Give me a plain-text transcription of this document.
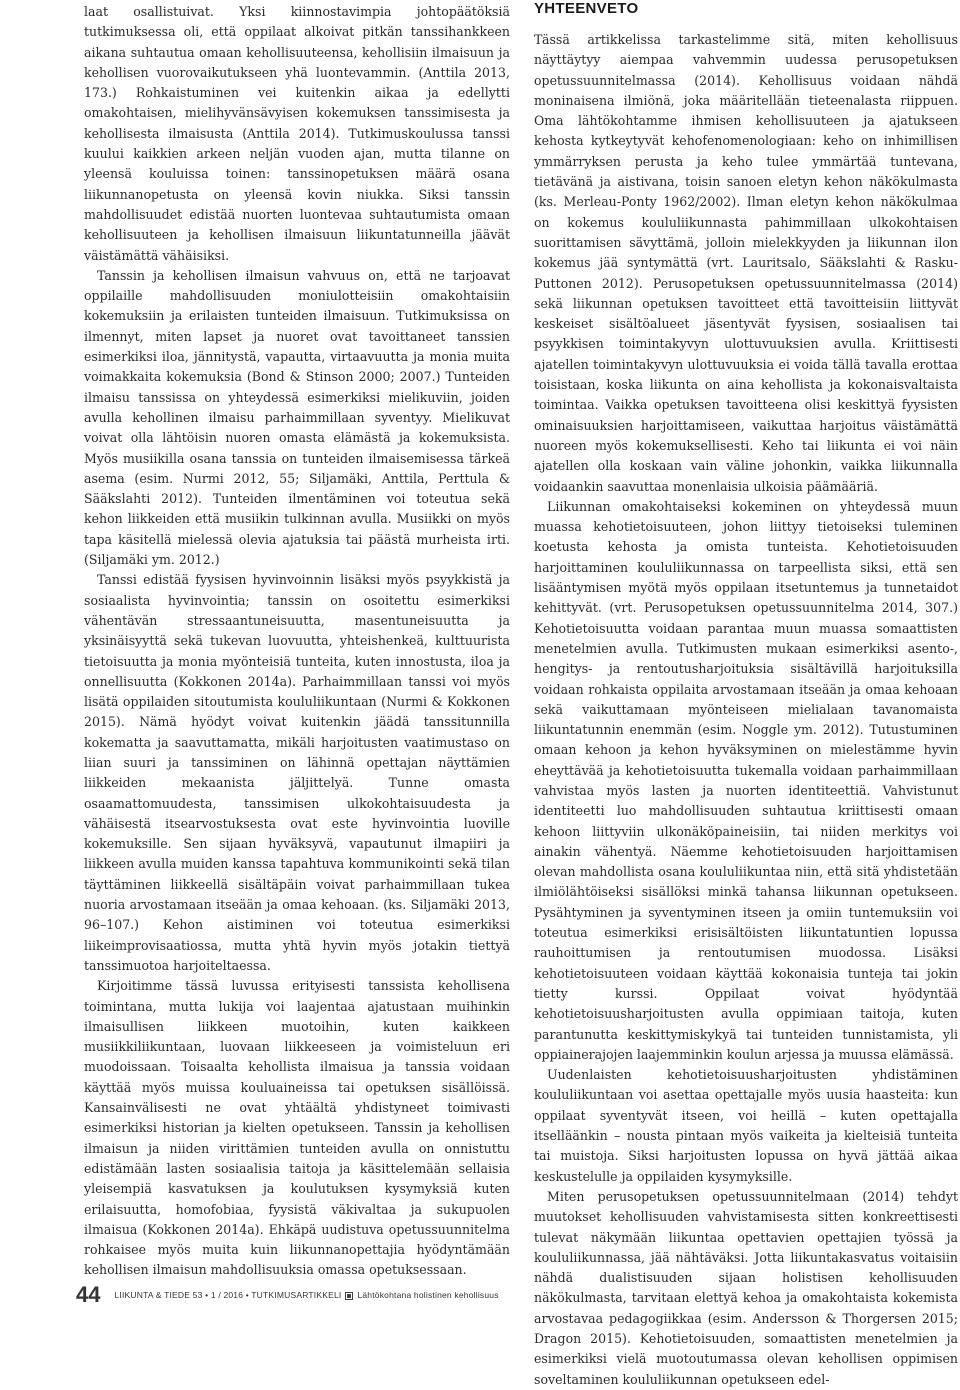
laat osallistuivat. Yksi kiinnostavimpia johtopäätöksiä tutkimuksessa oli, että oppilaat alkoivat pitkän tanssihankkeen aikana suhtautua omaan kehollisuuteensa, kehollisiin ilmaisuun ja kehollisen vuorovaikutukseen yhä luontevammin. (Anttila 2013, 173.) Rohkaistuminen vei kuitenkin aikaa ja edellytti omakohtaisen, mielihyvänsävyisen kokemuksen tanssimisesta ja kehollisesta ilmaisusta (Anttila 2014). Tutkimuskoulussa tanssi kuului kaikkien arkeen neljän vuoden ajan, mutta tilanne on yleensä kouluissa toinen: tanssinopetuksen määrä osana liikunnanopetusta on yleensä kovin niukka. Siksi tanssin mahdollisuudet edistää nuorten luontevaa suhtautumista omaan kehollisuuteen ja kehollisen ilmaisuun liikuntatunneilla jäävät väistämättä vähäisiksi.

Tanssin ja kehollisen ilmaisun vahvuus on, että ne tarjoavat oppilaille mahdollisuuden moniulotteisiin omakohtaisiin kokemuksiin ja erilaisten tunteiden ilmaisuun. Tutkimuksissa on ilmennyt, miten lapset ja nuoret ovat tavoittaneet tanssien esimerkiksi iloa, jännitystä, vapautta, virtaavuutta ja monia muita voimakkaita kokemuksia (Bond & Stinson 2000; 2007.) Tunteiden ilmaisu tanssissa on yhteydessä esimerkiksi mielikuviin, joiden avulla kehollinen ilmaisu parhaimmillaan syventyy. Mielikuvat voivat olla lähtöisin nuoren omasta elämästä ja kokemuksista. Myös musiikilla osana tanssia on tunteiden ilmaisemisessa tärkeä asema (esim. Nurmi 2012, 55; Siljamäki, Anttila, Perttula & Sääkslahti 2012). Tunteiden ilmentäminen voi toteutua sekä kehon liikkeiden että musiikin tulkinnan avulla. Musiikki on myös tapa käsitellä mielessä olevia ajatuksia tai päästä murheista irti. (Siljamäki ym. 2012.)

Tanssi edistää fyysisen hyvinvoinnin lisäksi myös psyykkistä ja sosiaalista hyvinvointia; tanssin on osoitettu esimerkiksi vähentävän stressaantuneisuutta, masentuneisuutta ja yksinäisyyttä sekä tukevan luovuutta, yhteishenkeä, kulttuurista tietoisuutta ja monia myönteisiä tunteita, kuten innostusta, iloa ja onnellisuutta (Kokkonen 2014a). Parhaimmillaan tanssi voi myös lisätä oppilaiden sitoutumista koululiikuntaan (Nurmi & Kokkonen 2015). Nämä hyödyt voivat kuitenkin jäädä tanssitunnilla kokematta ja saavuttamatta, mikäli harjoitusten vaatimustaso on liian suuri ja tanssiminen on lähinnä opettajan näyttämien liikkeiden mekaanista jäljittelyä. Tunne omasta osaamattomuudesta, tanssimisen ulkokohtaisuudesta ja vähäisestä itsearvostuksesta ovat este hyvinvointia luoville kokemuksille. Sen sijaan hyväksyvä, vapautunut ilmapiiri ja liikkeen avulla muiden kanssa tapahtuva kommunikointi sekä tilan täyttäminen liikkeellä sisältäpäin voivat parhaimmillaan tukea nuoria arvostamaan itseään ja omaa kehoaan. (ks. Siljamäki 2013, 96–107.) Kehon aistiminen voi toteutua esimerkiksi liikeimprovisaatiossa, mutta yhtä hyvin myös jotakin tiettyä tanssimuotoa harjoiteltaessa.

Kirjoitimme tässä luvussa erityisesti tanssista kehollisena toimintana, mutta lukija voi laajentaa ajatustaan muihinkin ilmaisullisen liikkeen muotoihin, kuten kaikkeen musiikkiliikuntaan, luovaan liikkeeseen ja voimisteluun eri muodoissaan. Toisaalta kehollista ilmaisua ja tanssia voidaan käyttää myös muissa kouluaineissa tai opetuksen sisällöissä. Kansainvälisesti ne ovat yhtäältä yhdistyneet toimivasti esimerkiksi historian ja kielten opetukseen. Tanssin ja kehollisen ilmaisun ja niiden virittämien tunteiden avulla on onnistuttu edistämään lasten sosiaalisia taitoja ja käsittelemään sellaisia yleisempiä kasvatuksen ja koulutuksen kysymyksiä kuten erilaisuutta, homofobiaa, fyysistä väkivaltaa ja sukupuolen ilmaisua (Kokkonen 2014a). Ehkäpä uudistuva opetussuunnitelma rohkaisee myös muita kuin liikunnanopettajia hyödyntämään kehollisen ilmaisun mahdollisuuksia omassa opetuksessaan.

YHTEENVETO

Tässä artikkelissa tarkastelimme sitä, miten kehollisuus näyttäytyy aiempaa vahvemmin uudessa perusopetuksen opetussuunnitelmassa (2014). Kehollisuus voidaan nähdä moninaisena ilmiönä, joka määritellään tieteenalasta riippuen. Oma lähtökohtamme ihmisen kehollisuuteen ja ajatukseen kehosta kytkeytyvät kehofenomenologiaan: keho on inhimillisen ymmärryksen perusta ja keho tulee ymmärtää tuntevana, tietävänä ja aistivana, toisin sanoen eletyn kehon näkökulmasta (ks. Merleau-Ponty 1962/2002). Ilman eletyn kehon näkökulmaa on kokemus koululiikunnasta pahimmillaan ulkokohtaisen suorittamisen sävyttämä, jolloin mielekkyyden ja liikunnan ilon kokemus jää syntymättä (vrt. Lauritsalo, Sääkslahti & Rasku-Puttonen 2012). Perusopetuksen opetussuunnitelmassa (2014) sekä liikunnan opetuksen tavoitteet että tavoitteisiin liittyvät keskeiset sisältöalueet jäsentyvät fyysisen, sosiaalisen tai psyykkisen toimintakyvyn ulottuvuuksien avulla. Kriittisesti ajatellen toimintakyvyn ulottuvuuksia ei voida tällä tavalla erottaa toisistaan, koska liikunta on aina kehollista ja kokonaisvaltaista toimintaa. Vaikka opetuksen tavoitteena olisi keskittyä fyysisten ominaisuuksien harjoittamiseen, vaikuttaa harjoitus väistämättä nuoreen myös kokemuksellisesti. Keho tai liikunta ei voi näin ajatellen olla koskaan vain väline johonkin, vaikka liikunnalla voidaankin saavuttaa monenlaisia ulkoisia päämääriä.

Liikunnan omakohtaiseksi kokeminen on yhteydessä muun muassa kehotietoisuuteen, johon liittyy tietoiseksi tuleminen koetusta kehosta ja omista tunteista. Kehotietoisuuden harjoittaminen koululiikunnassa on tarpeellista siksi, että sen lisääntymisen myötä myös oppilaan itsetuntemus ja tunnetaidot kehittyvät. (vrt. Perusopetuksen opetussuunnitelma 2014, 307.) Kehotietoisuutta voidaan parantaa muun muassa somaattisten menetelmien avulla. Tutkimusten mukaan esimerkiksi asento-, hengitys- ja rentoutusharjoituksia sisältävillä harjoituksilla voidaan rohkaista oppilaita arvostamaan itseään ja omaa kehoaan sekä vaikuttamaan myönteiseen mielialaan tavanomaista liikuntatunnin enemmän (esim. Noggle ym. 2012). Tutustuminen omaan kehoon ja kehon hyväksyminen on mielestämme hyvin eheyttävää ja kehotietoisuutta tukemalla voidaan parhaimmillaan vahvistaa myös lasten ja nuorten identiteettiä. Vahvistunut identiteetti luo mahdollisuuden suhtautua kriittisesti omaan kehoon liittyviin ulkonäköpaineisiin, tai niiden merkitys voi ainakin vähentyä. Näemme kehotietoisuuden harjoittamisen olevan mahdollista osana koululiikuntaa niin, että sitä yhdistetään ilmiölähtöiseksi sisällöksi minkä tahansa liikunnan opetukseen. Pysähtyminen ja syventyminen itseen ja omiin tuntemuksiin voi toteutua esimerkiksi erisisältöisten liikuntatuntien lopussa rauhoittumisen ja rentoutumisen muodossa. Lisäksi kehotietoisuuteen voidaan käyttää kokonaisia tunteja tai jokin tietty kurssi. Oppilaat voivat hyödyntää kehotietoisuusharjoitusten avulla oppimiaan taitoja, kuten parantunutta keskittymiskykyä tai tunteiden tunnistamista, yli oppiainerajojen laajemminkin koulun arjessa ja muussa elämässä.

Uudenlaisten kehotietoisuusharjoitusten yhdistäminen koululiikuntaan voi asettaa opettajalle myös uusia haasteita: kun oppilaat syventyvät itseen, voi heillä – kuten opettajalla itselläänkin – nousta pintaan myös vaikeita ja kielteisiä tunteita tai muistoja. Siksi harjoitusten lopussa on hyvä jättää aikaa keskustelulle ja oppilaiden kysymyksille.

Miten perusopetuksen opetussuunnitelmaan (2014) tehdyt muutokset kehollisuuden vahvistamisesta sitten konkreettisesti tulevat näkymään liikuntaa opettavien opettajien työssä ja koululiikunnassa, jää nähtäväksi. Jotta liikuntakasvatus voitaisiin nähdä dualistisuuden sijaan holistisen kehollisuuden näkökulmasta, tarvitaan elettyä kehoa ja omakohtaista kokemista arvostavaa pedagogiikkaa (esim. Andersson & Thorgersen 2015; Dragon 2015). Kehotietoisuuden, somaattisten menetelmien ja esimerkiksi vielä muotoutumassa olevan kehollisen oppimisen soveltaminen koululiikunnan opetukseen edel-

44 LIIKUNTA & TIEDE 53 • 1 / 2016 • TUTKIMUSARTIKKELI Lähtökohtana holistinen kehollisuus
